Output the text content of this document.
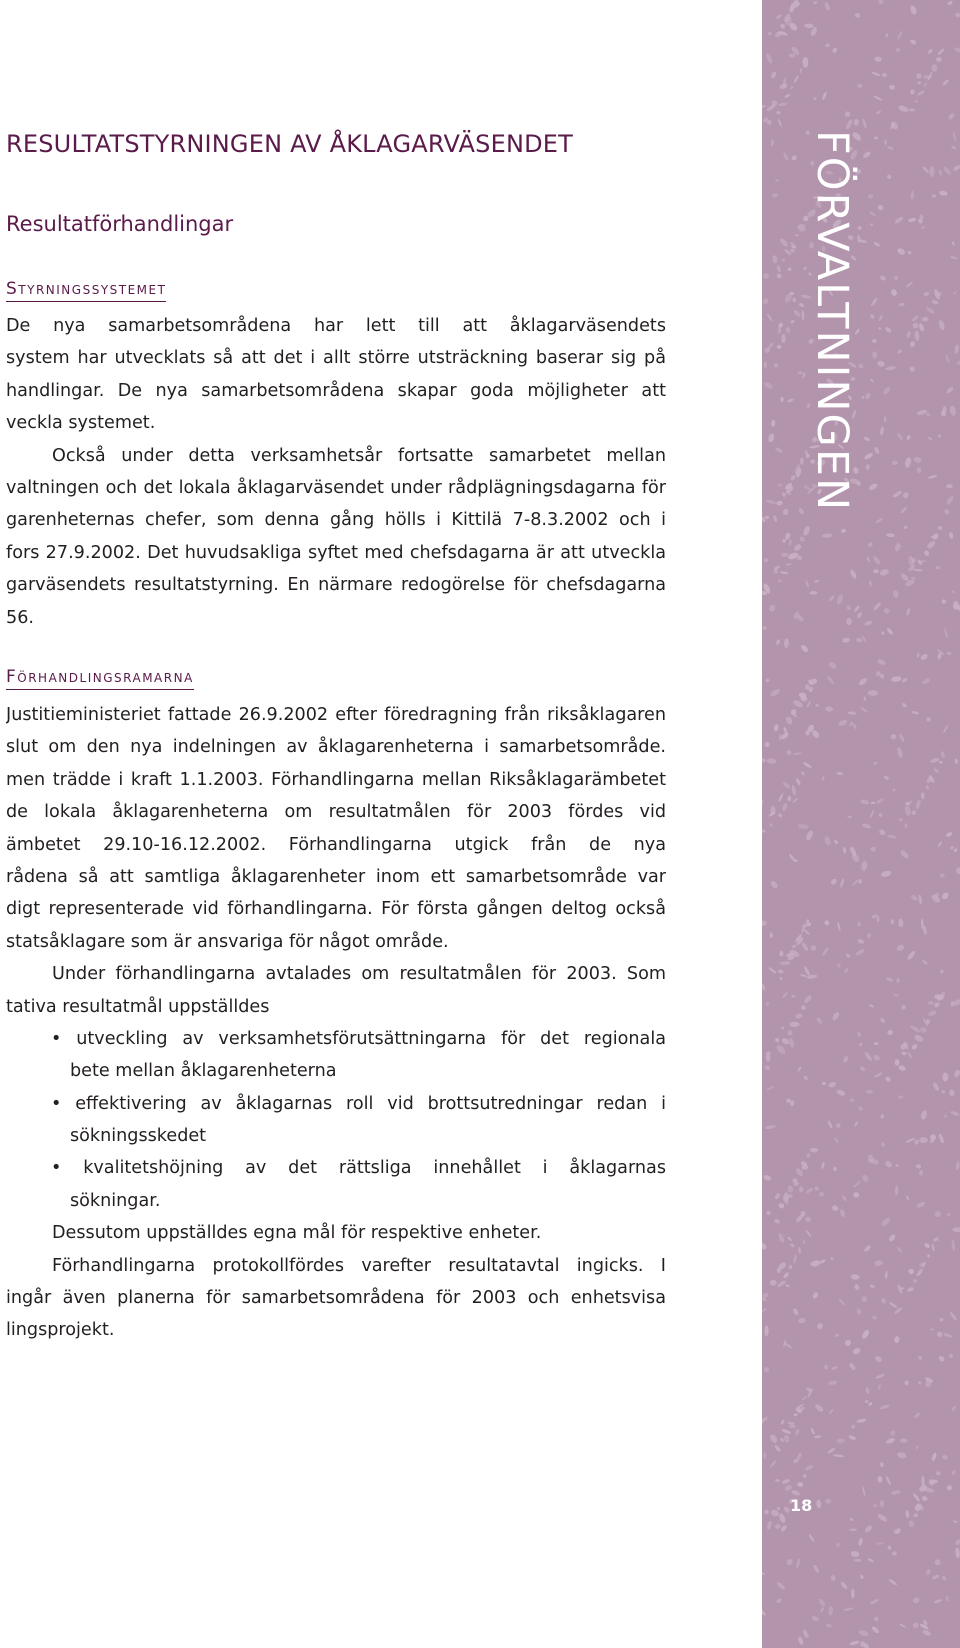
RESULTATSTYRNINGEN AV ÅKLAGARVÄSENDET
Resultatförhandlingar
Styrningssystemet
De nya samarbetsområdena har lett till att åklagarväsendets
system har utvecklats så att det i allt större utsträckning baserar sig på
handlingar. De nya samarbetsområdena skapar goda möjligheter att
veckla systemet.
Också under detta verksamhetsår fortsatte samarbetet mellan
valtningen och det lokala åklagarväsendet under rådplägningsdagarna för
garenheternas chefer, som denna gång hölls i Kittilä 7-8.3.2002 och i
fors 27.9.2002. Det huvudsakliga syftet med chefsdagarna är att utveckla
garväsendets resultatstyrning. En närmare redogörelse för chefsdagarna
56.
Förhandlingsramarna
Justitieministeriet fattade 26.9.2002 efter föredragning från riksåklagaren
slut om den nya indelningen av åklagarenheterna i samarbetsområde.
men trädde i kraft 1.1.2003. Förhandlingarna mellan Riksåklagarämbetet
de lokala åklagarenheterna om resultatmålen för 2003 fördes vid
ämbetet 29.10-16.12.2002. Förhandlingarna utgick från de nya
rådena så att samtliga åklagarenheter inom ett samarbetsområde var
digt representerade vid förhandlingarna. För första gången deltog också
statsåklagare som är ansvariga för något område.
Under förhandlingarna avtalades om resultatmålen för 2003. Som
tativa resultatmål uppställdes
• utveckling av verksamhetsförutsättningarna för det regionala
bete mellan åklagarenheterna
• effektivering av åklagarnas roll vid brottsutredningar redan i
sökningsskedet
• kvalitetshöjning av det rättsliga innehållet i åklagarnas
sökningar.
Dessutom uppställdes egna mål för respektive enheter.
Förhandlingarna protokollfördes varefter resultatavtal ingicks. I
ingår även planerna för samarbetsområdena för 2003 och enhetsvisa
lingsprojekt.
FÖRVALTNINGEN
18
